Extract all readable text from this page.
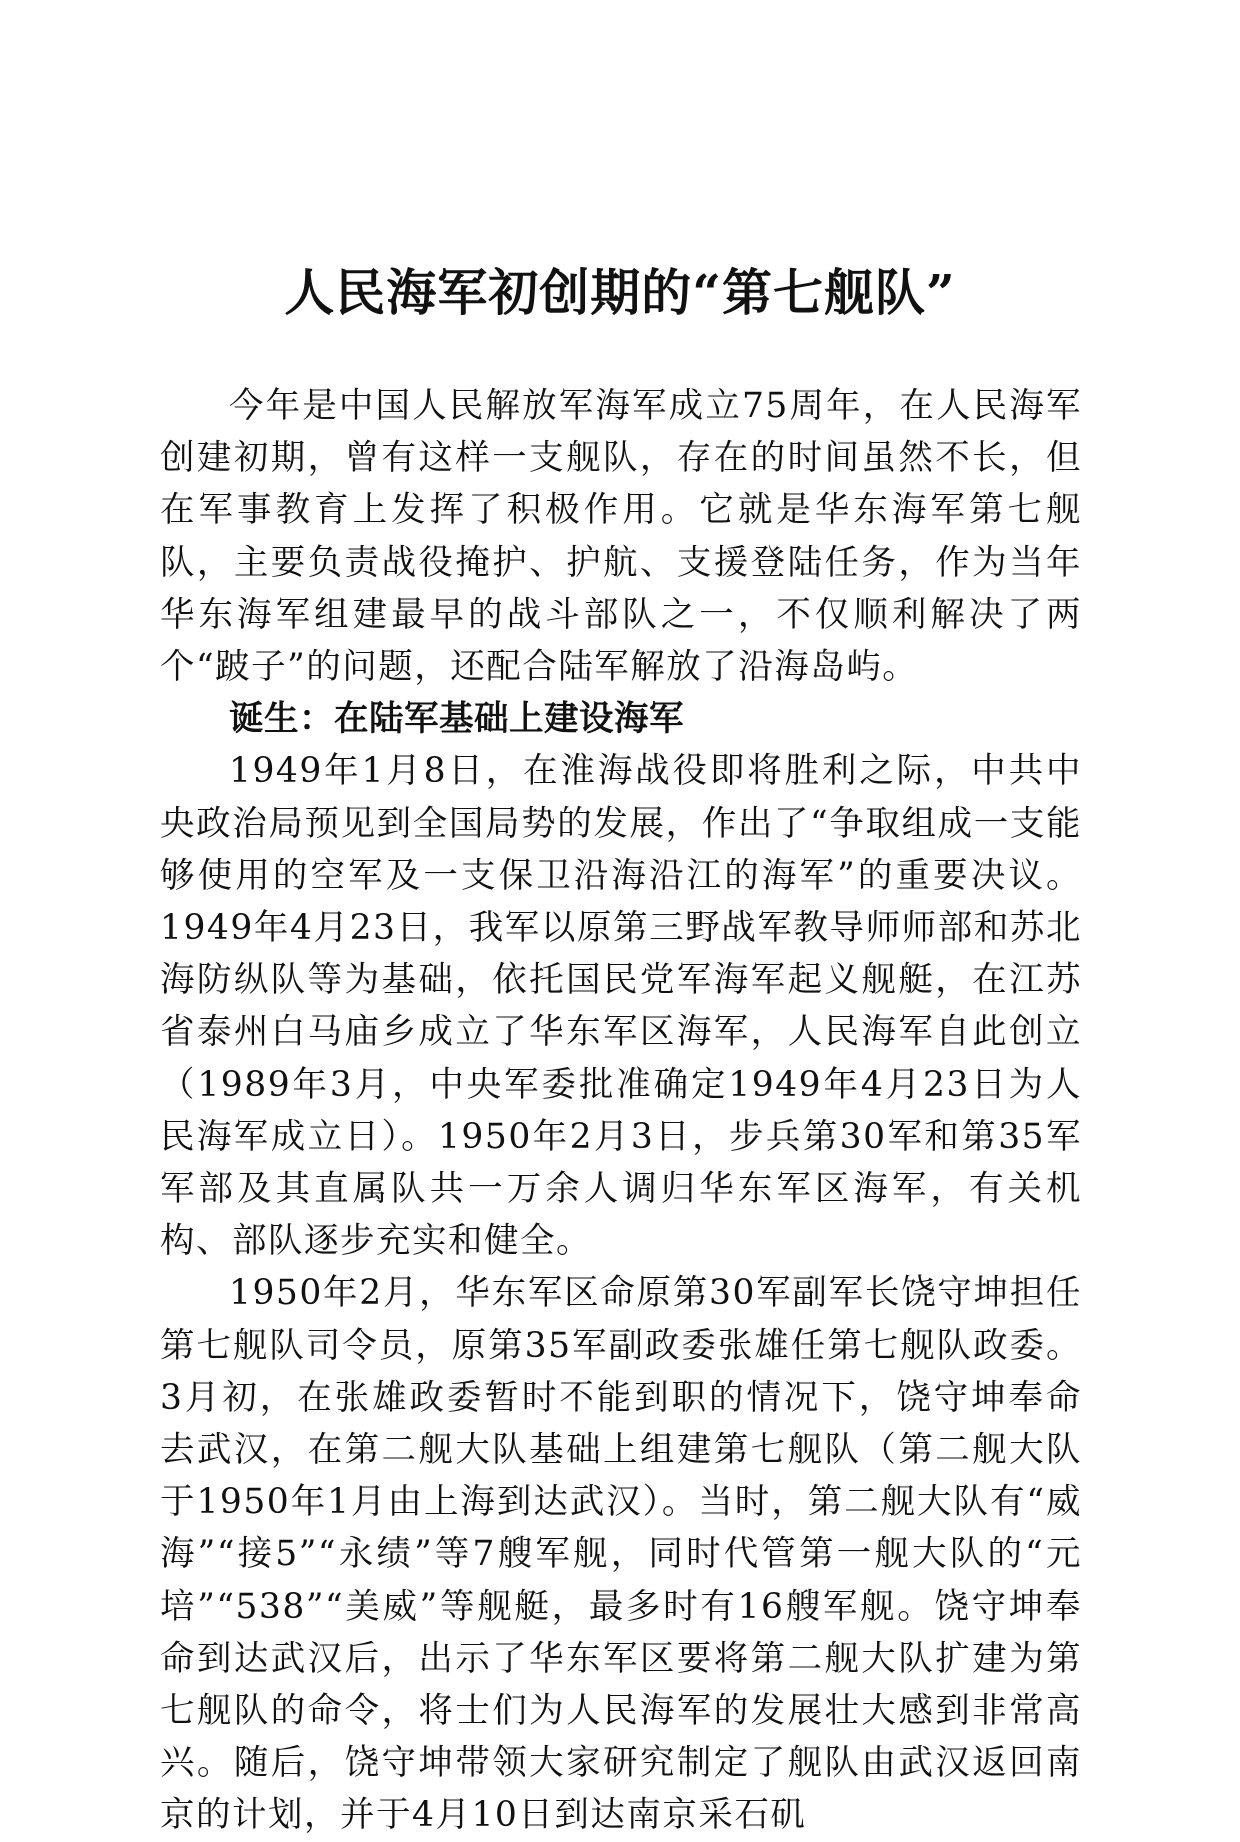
人民海军初创期的“第七舰队”

今年是中国人民解放军海军成立75周年，在人民海军创建初期，曾有这样一支舰队，存在的时间虽然不长，但在军事教育上发挥了积极作用。它就是华东海军第七舰队，主要负责战役掩护、护航、支援登陆任务，作为当年华东海军组建最早的战斗部队之一，不仅顺利解决了两个“跛子”的问题，还配合陆军解放了沿海岛屿。

诞生：在陆军基础上建设海军

1949年1月8日，在淮海战役即将胜利之际，中共中央政治局预见到全国局势的发展，作出了“争取组成一支能够使用的空军及一支保卫沿海沿江的海军”的重要决议。1949年4月23日，我军以原第三野战军教导师师部和苏北海防纵队等为基础，依托国民党军海军起义舰艇，在江苏省泰州白马庙乡成立了华东军区海军，人民海军自此创立（1989年3月，中央军委批准确定1949年4月23日为人民海军成立日）。1950年2月3日，步兵第30军和第35军军部及其直属队共一万余人调归华东军区海军，有关机构、部队逐步充实和健全。

1950年2月，华东军区命原第30军副军长饶守坤担任第七舰队司令员，原第35军副政委张雄任第七舰队政委。3月初，在张雄政委暂时不能到职的情况下，饶守坤奉命去武汉，在第二舰大队基础上组建第七舰队（第二舰大队于1950年1月由上海到达武汉）。当时，第二舰大队有“威海”“接5”“永绩”等7艘军舰，同时代管第一舰大队的“元培”“538”“美威”等舰艇，最多时有16艘军舰。饶守坤奉命到达武汉后，出示了华东军区要将第二舰大队扩建为第七舰队的命令，将士们为人民海军的发展壮大感到非常高兴。随后，饶守坤带领大家研究制定了舰队由武汉返回南京的计划，并于4月10日到达南京采石矶
